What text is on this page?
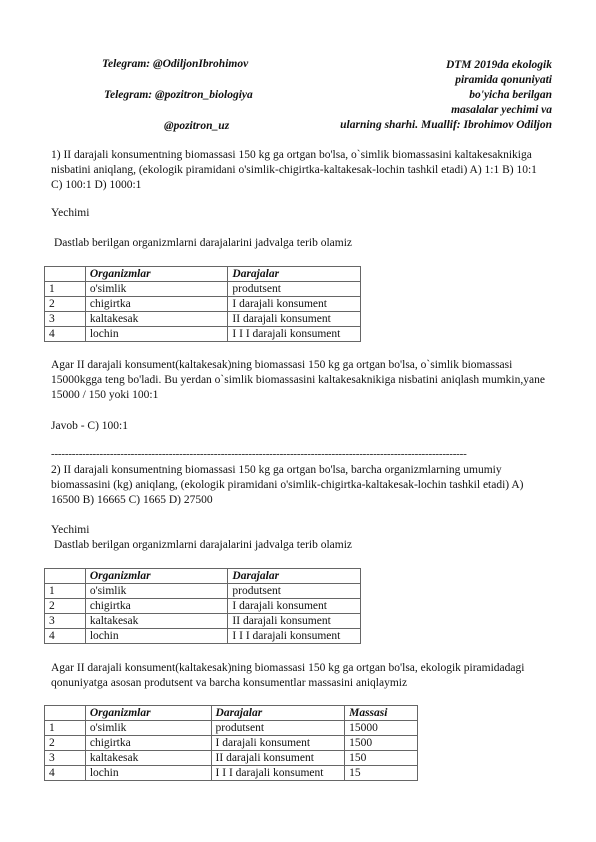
Telegram: @OdiljonIbrohimov
Telegram: @pozitron_biologiya
@pozitron_uz
DTM 2019da ekologik
piramida qonuniyati
bo'yicha berilgan
masalalar yechimi va
ularning sharhi. Muallif: Ibrohimov Odiljon
1) II darajali konsumentning biomassasi 150 kg ga ortgan bo'lsa, o`simlik biomassasini kaltakesaknikiga nisbatini aniqlang, (ekologik piramidani o'simlik-chigirtka-kaltakesak-lochin tashkil etadi) A) 1:1 B) 10:1 C) 100:1 D) 1000:1
Yechimi
Dastlab berilgan organizmlarni darajalarini jadvalga terib olamiz
	Organizmlar	Darajalar
1	o'simlik	produtsent
2	chigirtka	I darajali konsument
3	kaltakesak	II darajali konsument
4	lochin	I I I darajali konsument
Agar II darajali konsument(kaltakesak)ning biomassasi 150 kg ga ortgan bo'lsa, o`simlik biomassasi 15000kgga teng bo'ladi. Bu yerdan o`simlik biomassasini kaltakesaknikiga nisbatini aniqlash mumkin,yane 15000 / 150 yoki 100:1
Javob - C) 100:1
------------------------------------------------------------------------------------------------------------------------
2) II darajali konsumentning biomassasi 150 kg ga ortgan bo'lsa, barcha organizmlarning umumiy biomassasini (kg) aniqlang, (ekologik piramidani o'simlik-chigirtka-kaltakesak-lochin tashkil etadi) A) 16500 B) 16665 C) 1665 D) 27500
Yechimi
Dastlab berilgan organizmlarni darajalarini jadvalga terib olamiz
	Organizmlar	Darajalar
1	o'simlik	produtsent
2	chigirtka	I darajali konsument
3	kaltakesak	II darajali konsument
4	lochin	I I I darajali konsument
Agar II darajali konsument(kaltakesak)ning biomassasi 150 kg ga ortgan bo'lsa, ekologik piramidadagi qonuniyatga asosan produtsent va barcha konsumentlar massasini aniqlaymiz
	Organizmlar	Darajalar	Massasi
1	o'simlik	produtsent	15000
2	chigirtka	I darajali konsument	1500
3	kaltakesak	II darajali konsument	150
4	lochin	I I I darajali konsument	15
